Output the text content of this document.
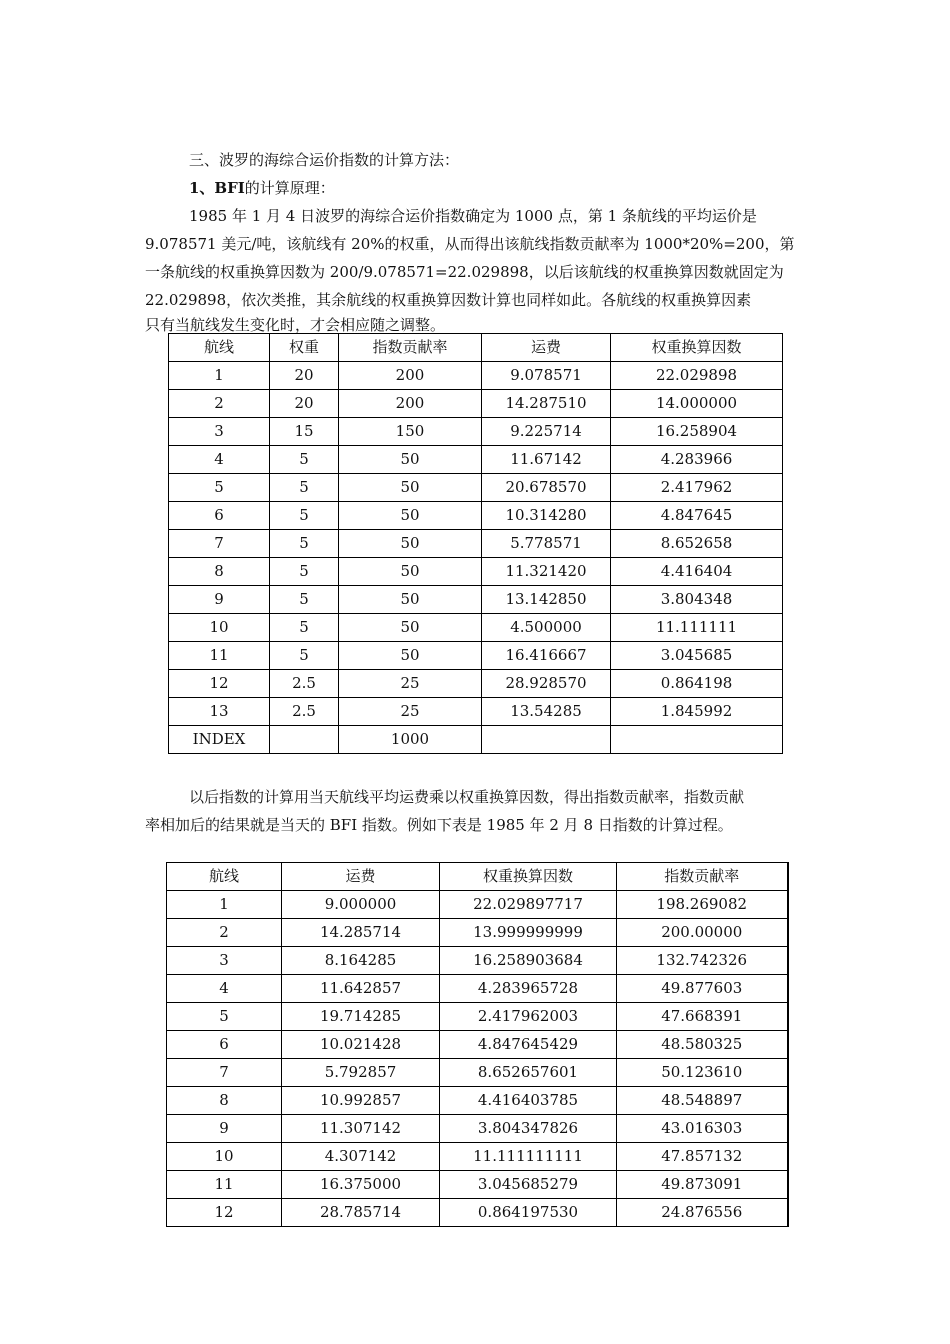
三、波罗的海综合运价指数的计算方法：
1、BFI的计算原理：
1985 年 1 月 4 日波罗的海综合运价指数确定为 1000 点，第 1 条航线的平均运价是
9.078571 美元/吨，该航线有 20%的权重，从而得出该航线指数贡献率为 1000*20%=200，第
一条航线的权重换算因数为 200/9.078571=22.029898，以后该航线的权重换算因数就固定为
22.029898，依次类推，其余航线的权重换算因数计算也同样如此。各航线的权重换算因素
只有当航线发生变化时，才会相应随之调整。
航线	权重	指数贡献率	运费	权重换算因数
1	20	200	9.078571	22.029898
2	20	200	14.287510	14.000000
3	15	150	9.225714	16.258904
4	5	50	11.67142	4.283966
5	5	50	20.678570	2.417962
6	5	50	10.314280	4.847645
7	5	50	5.778571	8.652658
8	5	50	11.321420	4.416404
9	5	50	13.142850	3.804348
10	5	50	4.500000	11.111111
11	5	50	16.416667	3.045685
12	2.5	25	28.928570	0.864198
13	2.5	25	13.54285	1.845992
INDEX		1000		
以后指数的计算用当天航线平均运费乘以权重换算因数，得出指数贡献率，指数贡献
率相加后的结果就是当天的 BFI 指数。例如下表是 1985 年 2 月 8 日指数的计算过程。
航线	运费	权重换算因数	指数贡献率
1	9.000000	22.029897717	198.269082
2	14.285714	13.999999999	200.00000
3	8.164285	16.258903684	132.742326
4	11.642857	4.283965728	49.877603
5	19.714285	2.417962003	47.668391
6	10.021428	4.847645429	48.580325
7	5.792857	8.652657601	50.123610
8	10.992857	4.416403785	48.548897
9	11.307142	3.804347826	43.016303
10	4.307142	11.111111111	47.857132
11	16.375000	3.045685279	49.873091
12	28.785714	0.864197530	24.876556
